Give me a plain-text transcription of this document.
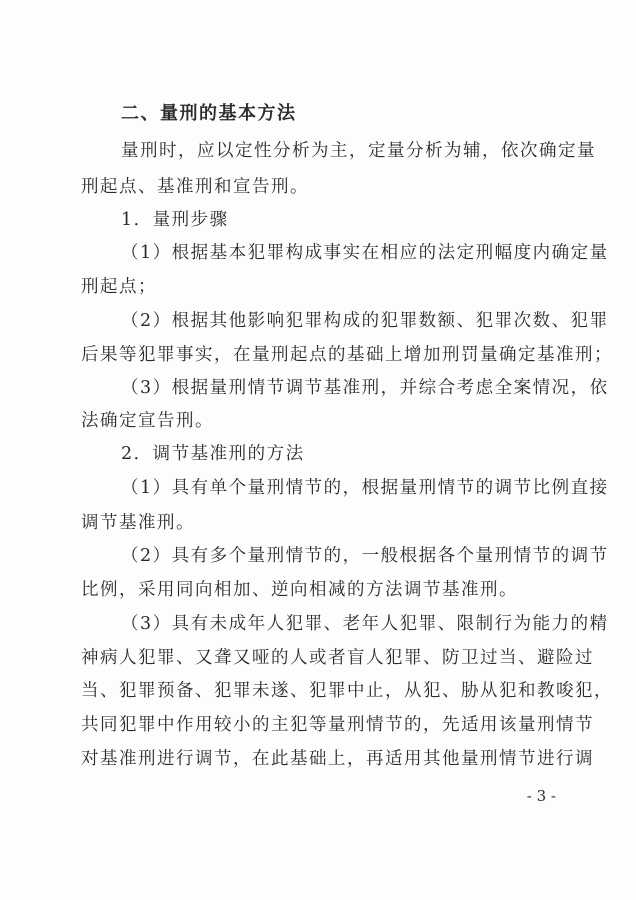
二、量刑的基本方法
量刑时，应以定性分析为主，定量分析为辅，依次确定量
刑起点、基准刑和宣告刑。
1．量刑步骤
（1）根据基本犯罪构成事实在相应的法定刑幅度内确定量
刑起点；
（2）根据其他影响犯罪构成的犯罪数额、犯罪次数、犯罪
后果等犯罪事实，在量刑起点的基础上增加刑罚量确定基准刑；
（3）根据量刑情节调节基准刑，并综合考虑全案情况，依
法确定宣告刑。
2．调节基准刑的方法
（1）具有单个量刑情节的，根据量刑情节的调节比例直接
调节基准刑。
（2）具有多个量刑情节的，一般根据各个量刑情节的调节
比例，采用同向相加、逆向相减的方法调节基准刑。
（3）具有未成年人犯罪、老年人犯罪、限制行为能力的精
神病人犯罪、又聋又哑的人或者盲人犯罪、防卫过当、避险过
当、犯罪预备、犯罪未遂、犯罪中止，从犯、胁从犯和教唆犯，
共同犯罪中作用较小的主犯等量刑情节的，先适用该量刑情节
对基准刑进行调节，在此基础上，再适用其他量刑情节进行调
- 3 -
